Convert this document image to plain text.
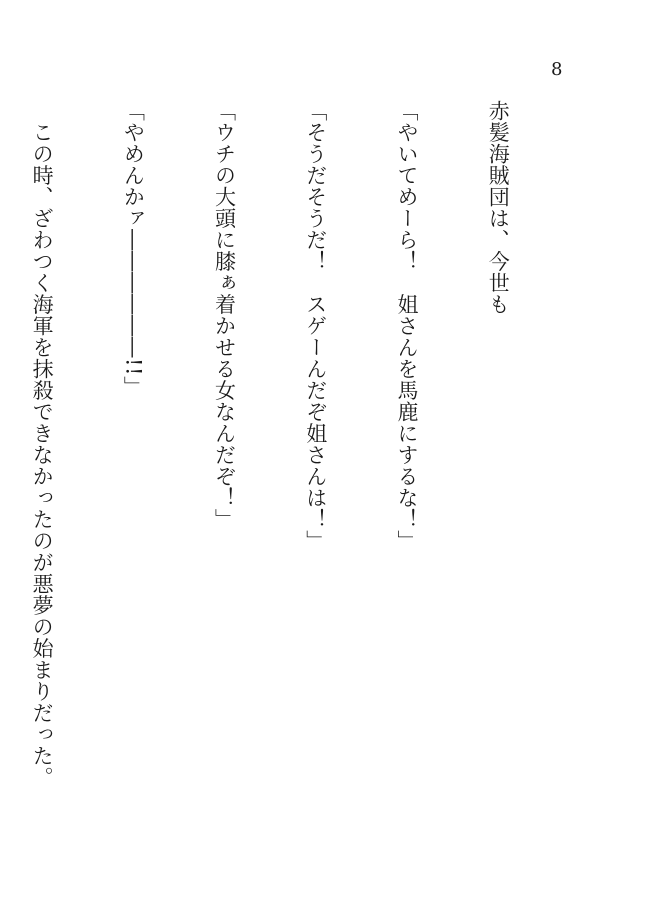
8

赤髪海賊団は、今世も

「やいてめーら！　姐さんを馬鹿にするな！」

「そうだそうだ！　スゲーんだぞ姐さんは！」

「ウチの大頭に膝ぁ着かせる女なんだぞ！」

「やめんかァ――――――!!」

　この時、ざわつく海軍を抹殺できなかったのが悪夢の始まりだった。
